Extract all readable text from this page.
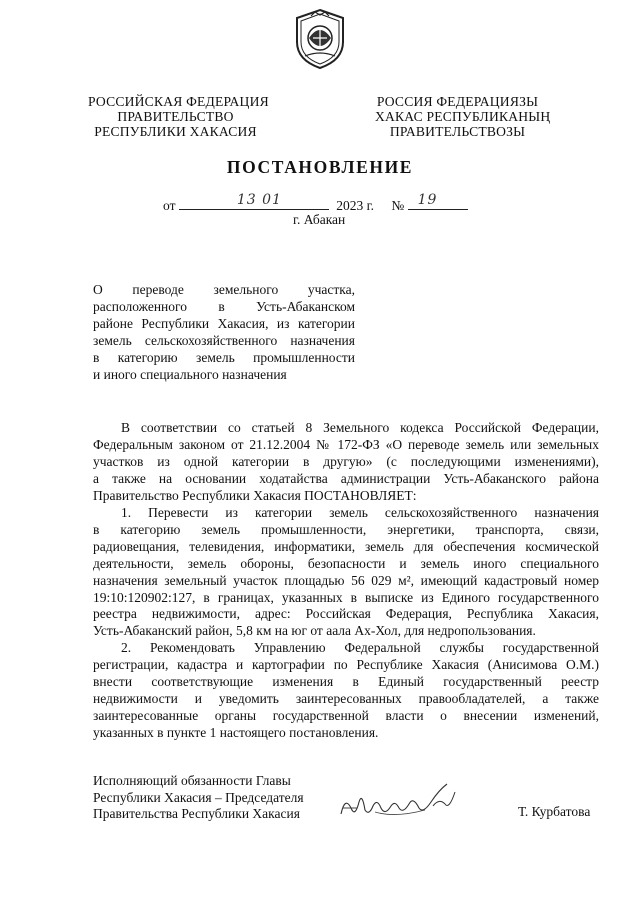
РОССИЙСКАЯ ФЕДЕРАЦИЯ
ПРАВИТЕЛЬСТВО
РЕСПУБЛИКИ ХАКАСИЯ
РОССИЯ ФЕДЕРАЦИЯЗЫ
ХАКАС РЕСПУБЛИКАНЫҢ
ПРАВИТЕЛЬСТВОЗЫ
ПОСТАНОВЛЕНИЕ
от	13 01	2023 г. № 19
г. Абакан
О переводе земельного участка,
расположенного в Усть-Абаканском
районе Республики Хакасия, из категории
земель сельскохозяйственного назначения
в категорию земель промышленности
и иного специального назначения
В соответствии со статьей 8 Земельного кодекса Российской Федерации,
Федеральным законом от 21.12.2004 № 172-ФЗ «О переводе земель или земельных
участков из одной категории в другую» (с последующими изменениями),
а также на основании ходатайства администрации Усть-Абаканского района
Правительство Республики Хакасия ПОСТАНОВЛЯЕТ:
1. Перевести из категории земель сельскохозяйственного назначения
в категорию земель промышленности, энергетики, транспорта, связи,
радиовещания, телевидения, информатики, земель для обеспечения космической
деятельности, земель обороны, безопасности и земель иного специального
назначения земельный участок площадью 56 029 м², имеющий кадастровый номер
19:10:120902:127, в границах, указанных в выписке из Единого государственного
реестра недвижимости, адрес: Российская Федерация, Республика Хакасия,
Усть-Абаканский район, 5,8 км на юг от аала Ах-Хол, для недропользования.
2. Рекомендовать Управлению Федеральной службы государственной
регистрации, кадастра и картографии по Республике Хакасия (Анисимова О.М.)
внести соответствующие изменения в Единый государственный реестр
недвижимости и уведомить заинтересованных правообладателей, а также
заинтересованные органы государственной власти о внесении изменений,
указанных в пункте 1 настоящего постановления.
Исполняющий обязанности Главы
Республики Хакасия – Председателя
Правительства Республики Хакасия	Т. Курбатова
